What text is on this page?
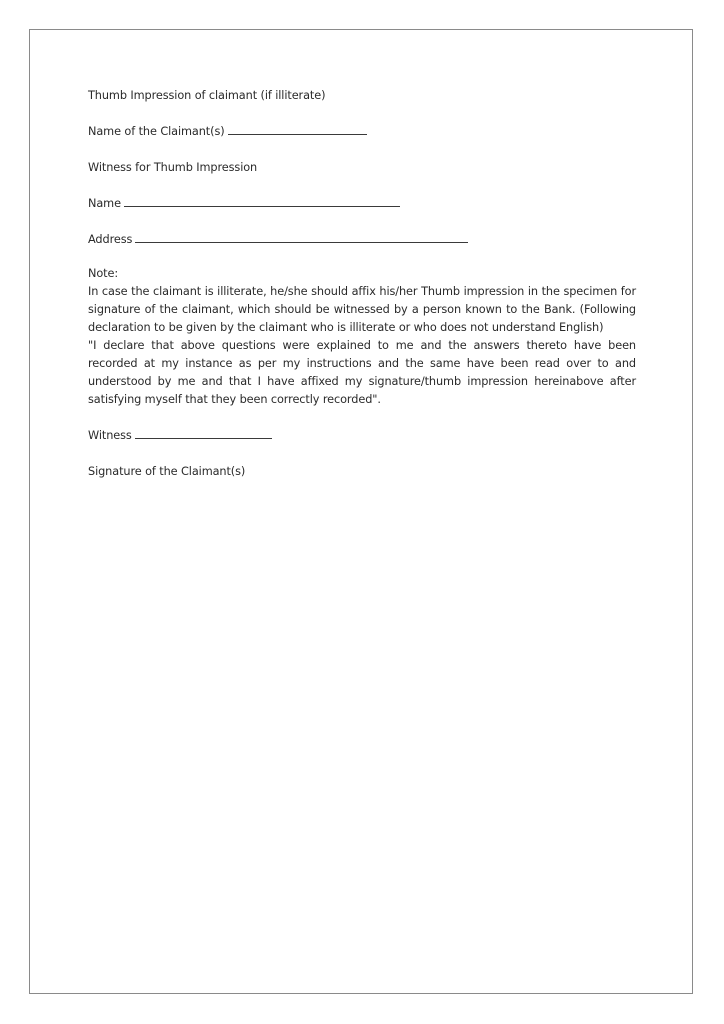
Thumb Impression of claimant (if illiterate)

Name of the Claimant(s)

Witness for Thumb Impression

Name

Address

Note:

In case the claimant is illiterate, he/she should affix his/her Thumb impression in the specimen for signature of the claimant, which should be witnessed by a person known to the Bank. (Following declaration to be given by the claimant who is illiterate or who does not understand English)

"I declare that above questions were explained to me and the answers thereto have been recorded at my instance as per my instructions and the same have been read over to and understood by me and that I have affixed my signature/thumb impression hereinabove after satisfying myself that they been correctly recorded".

Witness

Signature of the Claimant(s)
